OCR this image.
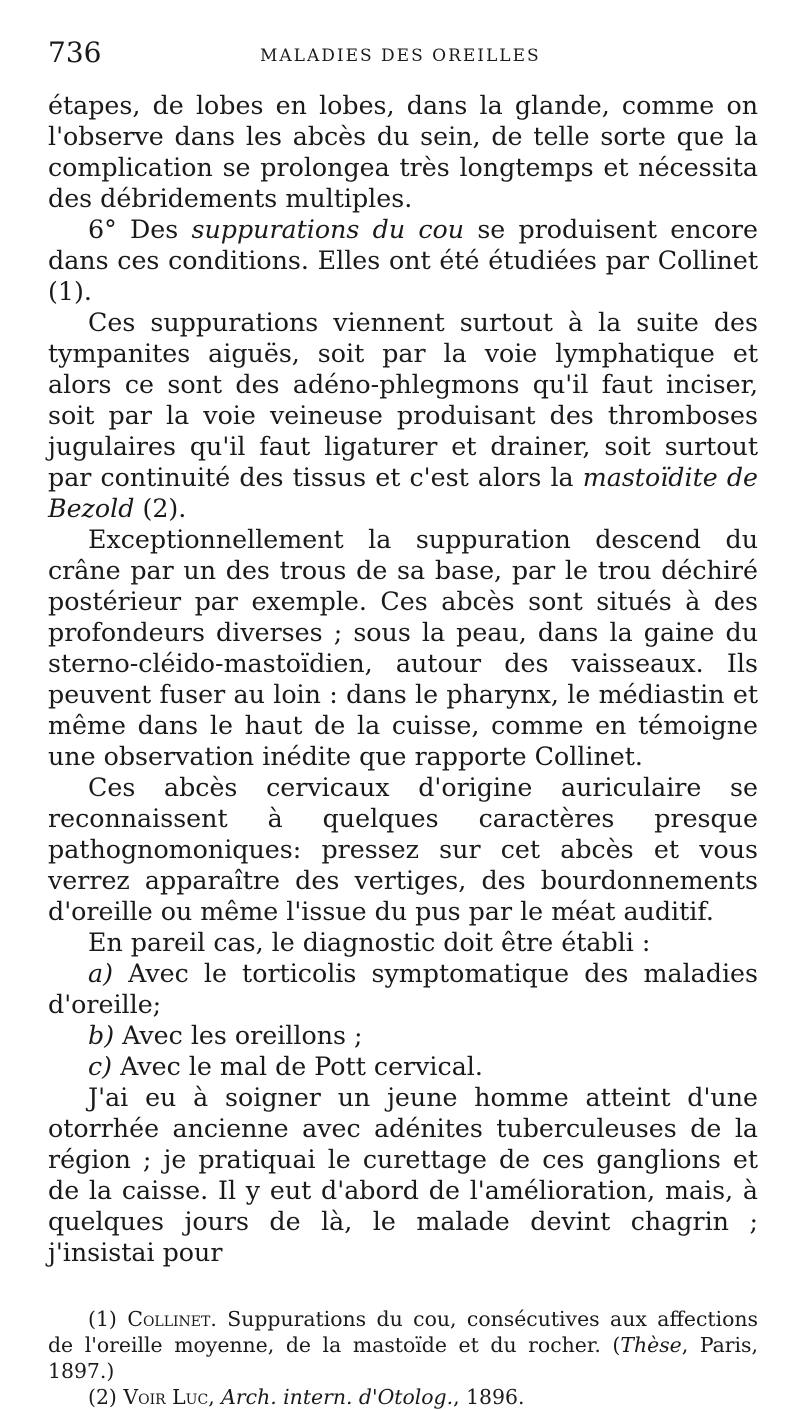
736	MALADIES DES OREILLES

étapes, de lobes en lobes, dans la glande, comme on l'observe dans les abcès du sein, de telle sorte que la complication se prolongea très longtemps et nécessita des débridements multiples.

6° Des suppurations du cou se produisent encore dans ces conditions. Elles ont été étudiées par Collinet (1).

Ces suppurations viennent surtout à la suite des tympanites aiguës, soit par la voie lymphatique et alors ce sont des adéno-phlegmons qu'il faut inciser, soit par la voie veineuse produisant des thromboses jugulaires qu'il faut ligaturer et drainer, soit surtout par continuité des tissus et c'est alors la mastoïdite de Bezold (2).

Exceptionnellement la suppuration descend du crâne par un des trous de sa base, par le trou déchiré postérieur par exemple. Ces abcès sont situés à des profondeurs diverses ; sous la peau, dans la gaine du sterno-cléido-mastoïdien, autour des vaisseaux. Ils peuvent fuser au loin : dans le pharynx, le médiastin et même dans le haut de la cuisse, comme en témoigne une observation inédite que rapporte Collinet.

Ces abcès cervicaux d'origine auriculaire se reconnaissent à quelques caractères presque pathognomoniques: pressez sur cet abcès et vous verrez apparaître des vertiges, des bourdonnements d'oreille ou même l'issue du pus par le méat auditif.

En pareil cas, le diagnostic doit être établi :

a) Avec le torticolis symptomatique des maladies d'oreille;

b) Avec les oreillons ;

c) Avec le mal de Pott cervical.

J'ai eu à soigner un jeune homme atteint d'une otorrhée ancienne avec adénites tuberculeuses de la région ; je pratiquai le curettage de ces ganglions et de la caisse. Il y eut d'abord de l'amélioration, mais, à quelques jours de là, le malade devint chagrin ; j'insistai pour

(1) Collinet. Suppurations du cou, consécutives aux affections de l'oreille moyenne, de la mastoïde et du rocher. (Thèse, Paris, 1897.)

(2) Voir Luc, Arch. intern. d'Otolog., 1896.
